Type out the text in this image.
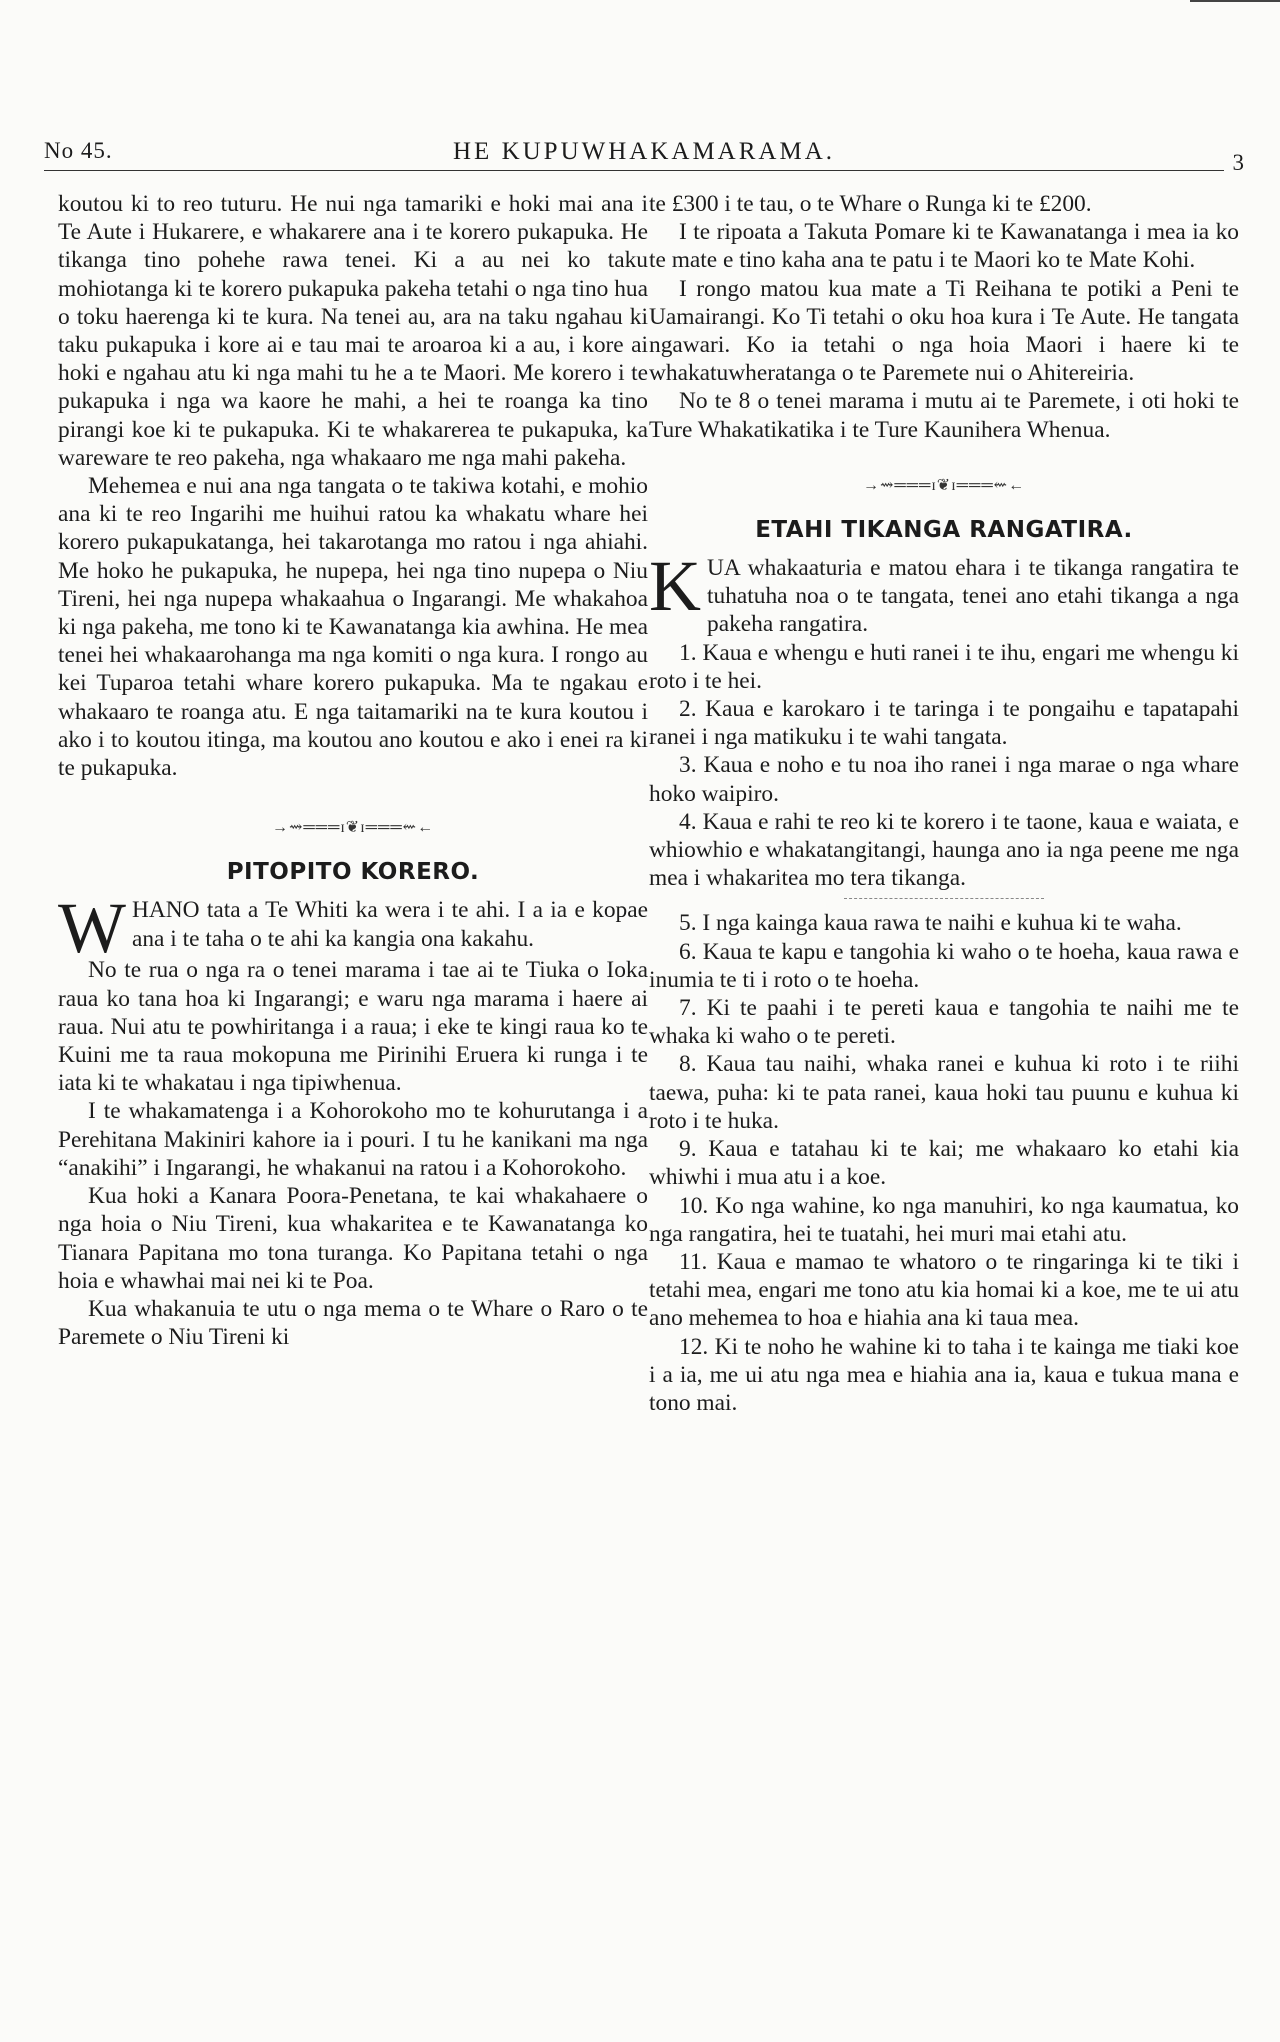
No 45.	HE KUPUWHAKAMARAMA.	3

koutou ki to reo tuturu. He nui nga tamariki e hoki mai ana i Te Aute i Hukarere, e whakarere ana i te korero pukapuka. He tikanga tino pohehe rawa tenei. Ki a au nei ko taku mohiotanga ki te korero pukapuka pakeha tetahi o nga tino hua o toku haerenga ki te kura. Na tenei au, ara na taku ngahau ki taku pukapuka i kore ai e tau mai te aroaroa ki a au, i kore ai hoki e ngahau atu ki nga mahi tu he a te Maori. Me korero i te pukapuka i nga wa kaore he mahi, a hei te roanga ka tino pirangi koe ki te pukapuka. Ki te whakarerea te pukapuka, ka wareware te reo pakeha, nga whakaaro me nga mahi pakeha.

Mehemea e nui ana nga tangata o te takiwa kotahi, e mohio ana ki te reo Ingarihi me huihui ratou ka whakatu whare hei korero pukapukatanga, hei takarotanga mo ratou i nga ahiahi. Me hoko he pukapuka, he nupepa, hei nga tino nupepa o Niu Tireni, hei nga nupepa whakaahua o Ingarangi. Me whakahoa ki nga pakeha, me tono ki te Kawanatanga kia awhina. He mea tenei hei whakaarohanga ma nga komiti o nga kura. I rongo au kei Tuparoa tetahi whare korero pukapuka. Ma te ngakau e whakaaro te roanga atu. E nga taitamariki na te kura koutou i ako i to koutou itinga, ma koutou ano koutou e ako i enei ra ki te pukapuka.

→⇝═══ɪ❦ɪ═══⇜←
PITOPITO KORERO.

WHANO tata a Te Whiti ka wera i te ahi. I a ia e kopae ana i te taha o te ahi ka kangia ona kakahu.

No te rua o nga ra o tenei marama i tae ai te Tiuka o Ioka raua ko tana hoa ki Ingarangi; e waru nga marama i haere ai raua. Nui atu te powhiritanga i a raua; i eke te kingi raua ko te Kuini me ta raua mokopuna me Pirinihi Eruera ki runga i te iata ki te whakatau i nga tipiwhenua.

I te whakamatenga i a Kohorokoho mo te kohurutanga i a Perehitana Makiniri kahore ia i pouri. I tu he kanikani ma nga “anakihi” i Ingarangi, he whakanui na ratou i a Kohorokoho.

Kua hoki a Kanara Poora-Penetana, te kai whakahaere o nga hoia o Niu Tireni, kua whakaritea e te Kawanatanga ko Tianara Papitana mo tona turanga. Ko Papitana tetahi o nga hoia e whawhai mai nei ki te Poa.

Kua whakanuia te utu o nga mema o te Whare o Raro o te Paremete o Niu Tireni ki

te £300 i te tau, o te Whare o Runga ki te £200.

I te ripoata a Takuta Pomare ki te Kawanatanga i mea ia ko te mate e tino kaha ana te patu i te Maori ko te Mate Kohi.

I rongo matou kua mate a Ti Reihana te potiki a Peni te Uamairangi. Ko Ti tetahi o oku hoa kura i Te Aute. He tangata ngawari. Ko ia tetahi o nga hoia Maori i haere ki te whakatuwheratanga o te Paremete nui o Ahitereiria.

No te 8 o tenei marama i mutu ai te Paremete, i oti hoki te Ture Whakatikatika i te Ture Kaunihera Whenua.

→⇝═══ɪ❦ɪ═══⇜←
ETAHI TIKANGA RANGATIRA.

KUA whakaaturia e matou ehara i te tikanga rangatira te tuhatuha noa o te tangata, tenei ano etahi tikanga a nga pakeha rangatira.

1. Kaua e whengu e huti ranei i te ihu, engari me whengu ki roto i te hei.

2. Kaua e karokaro i te taringa i te pongaihu e tapatapahi ranei i nga matikuku i te wahi tangata.

3. Kaua e noho e tu noa iho ranei i nga marae o nga whare hoko waipiro.

4. Kaua e rahi te reo ki te korero i te taone, kaua e waiata, e whiowhio e whakatangitangi, haunga ano ia nga peene me nga mea i whakaritea mo tera tikanga.

5. I nga kainga kaua rawa te naihi e kuhua ki te waha.

6. Kaua te kapu e tangohia ki waho o te hoeha, kaua rawa e inumia te ti i roto o te hoeha.

7. Ki te paahi i te pereti kaua e tangohia te naihi me te whaka ki waho o te pereti.

8. Kaua tau naihi, whaka ranei e kuhua ki roto i te riihi taewa, puha: ki te pata ranei, kaua hoki tau puunu e kuhua ki roto i te huka.

9. Kaua e tatahau ki te kai; me whakaaro ko etahi kia whiwhi i mua atu i a koe.

10. Ko nga wahine, ko nga manuhiri, ko nga kaumatua, ko nga rangatira, hei te tuatahi, hei muri mai etahi atu.

11. Kaua e mamao te whatoro o te ringaringa ki te tiki i tetahi mea, engari me tono atu kia homai ki a koe, me te ui atu ano mehemea to hoa e hiahia ana ki taua mea.

12. Ki te noho he wahine ki to taha i te kainga me tiaki koe i a ia, me ui atu nga mea e hiahia ana ia, kaua e tukua mana e tono mai.
